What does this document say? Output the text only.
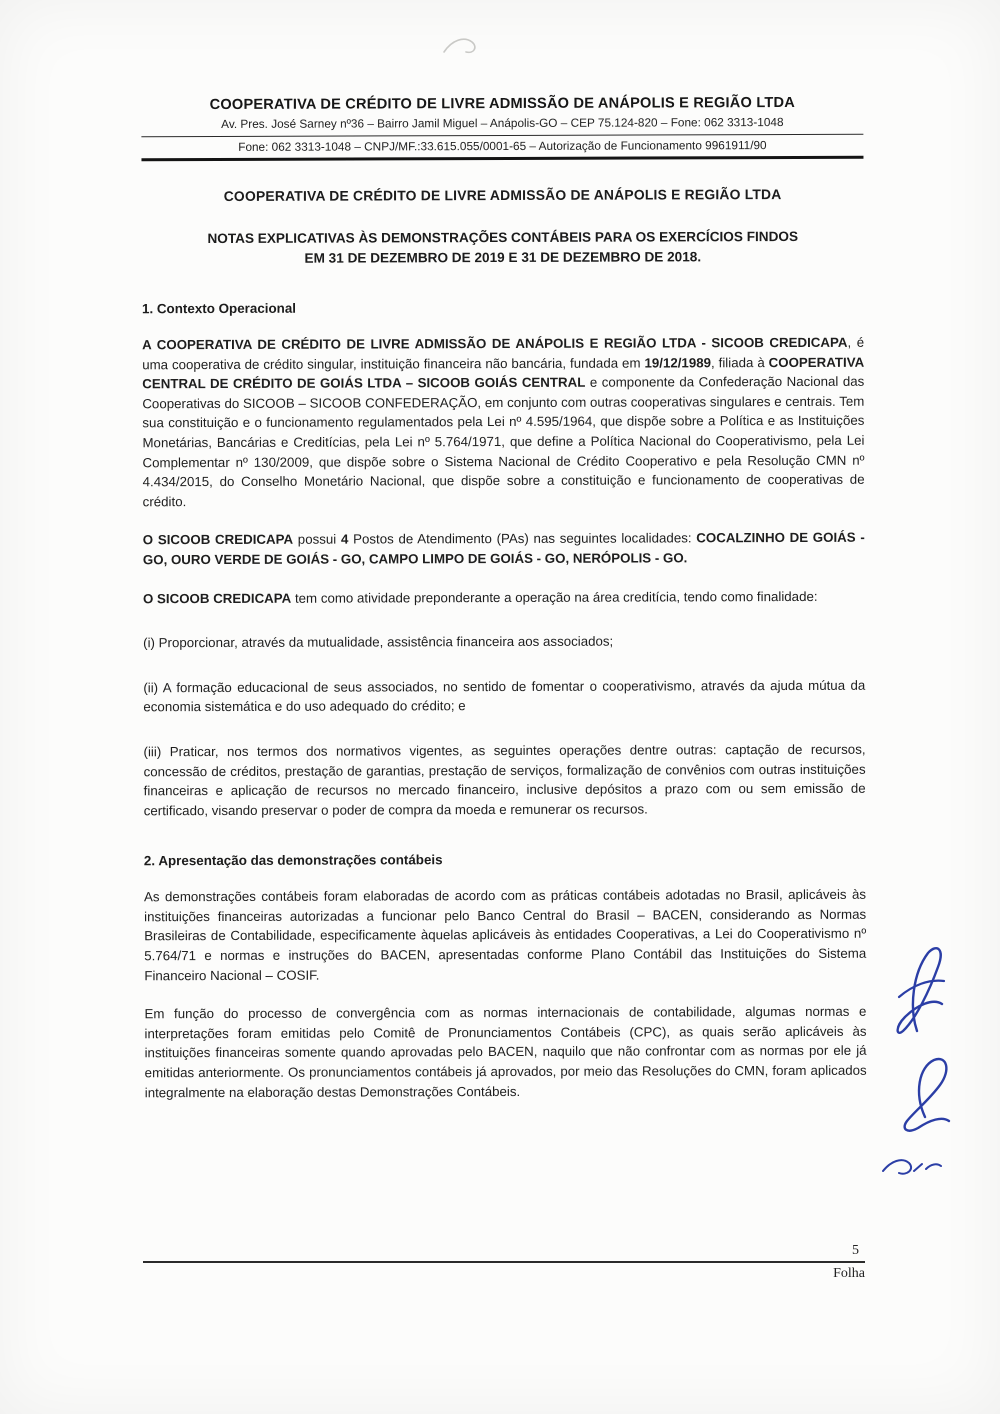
COOPERATIVA DE CRÉDITO DE LIVRE ADMISSÃO DE ANÁPOLIS E REGIÃO LTDA
Av. Pres. José Sarney nº36 – Bairro Jamil Miguel – Anápolis-GO – CEP 75.124-820 – Fone: 062 3313-1048
Fone: 062 3313-1048 – CNPJ/MF.:33.615.055/0001-65 – Autorização de Funcionamento 9961911/90
COOPERATIVA DE CRÉDITO DE LIVRE ADMISSÃO DE ANÁPOLIS E REGIÃO LTDA
NOTAS EXPLICATIVAS ÀS DEMONSTRAÇÕES CONTÁBEIS PARA OS EXERCÍCIOS FINDOS
EM 31 DE DEZEMBRO DE 2019 E 31 DE DEZEMBRO DE 2018.
1. Contexto Operacional

A COOPERATIVA DE CRÉDITO DE LIVRE ADMISSÃO DE ANÁPOLIS E REGIÃO LTDA - SICOOB CREDICAPA, é uma cooperativa de crédito singular, instituição financeira não bancária, fundada em 19/12/1989, filiada à COOPERATIVA CENTRAL DE CRÉDITO DE GOIÁS LTDA – SICOOB GOIÁS CENTRAL e componente da Confederação Nacional das Cooperativas do SICOOB – SICOOB CONFEDERAÇÃO, em conjunto com outras cooperativas singulares e centrais. Tem sua constituição e o funcionamento regulamentados pela Lei nº 4.595/1964, que dispõe sobre a Política e as Instituições Monetárias, Bancárias e Creditícias, pela Lei nº 5.764/1971, que define a Política Nacional do Cooperativismo, pela Lei Complementar nº 130/2009, que dispõe sobre o Sistema Nacional de Crédito Cooperativo e pela Resolução CMN nº 4.434/2015, do Conselho Monetário Nacional, que dispõe sobre a constituição e funcionamento de cooperativas de crédito.

O SICOOB CREDICAPA possui 4 Postos de Atendimento (PAs) nas seguintes localidades: COCALZINHO DE GOIÁS - GO, OURO VERDE DE GOIÁS - GO, CAMPO LIMPO DE GOIÁS - GO, NERÓPOLIS - GO.

O SICOOB CREDICAPA tem como atividade preponderante a operação na área creditícia, tendo como finalidade:

(i) Proporcionar, através da mutualidade, assistência financeira aos associados;

(ii) A formação educacional de seus associados, no sentido de fomentar o cooperativismo, através da ajuda mútua da economia sistemática e do uso adequado do crédito; e

(iii) Praticar, nos termos dos normativos vigentes, as seguintes operações dentre outras: captação de recursos, concessão de créditos, prestação de garantias, prestação de serviços, formalização de convênios com outras instituições financeiras e aplicação de recursos no mercado financeiro, inclusive depósitos a prazo com ou sem emissão de certificado, visando preservar o poder de compra da moeda e remunerar os recursos.

2. Apresentação das demonstrações contábeis

As demonstrações contábeis foram elaboradas de acordo com as práticas contábeis adotadas no Brasil, aplicáveis às instituições financeiras autorizadas a funcionar pelo Banco Central do Brasil – BACEN, considerando as Normas Brasileiras de Contabilidade, especificamente àquelas aplicáveis às entidades Cooperativas, a Lei do Cooperativismo nº 5.764/71 e normas e instruções do BACEN, apresentadas conforme Plano Contábil das Instituições do Sistema Financeiro Nacional – COSIF.

Em função do processo de convergência com as normas internacionais de contabilidade, algumas normas e interpretações foram emitidas pelo Comitê de Pronunciamentos Contábeis (CPC), as quais serão aplicáveis às instituições financeiras somente quando aprovadas pelo BACEN, naquilo que não confrontar com as normas por ele já emitidas anteriormente. Os pronunciamentos contábeis já aprovados, por meio das Resoluções do CMN, foram aplicados integralmente na elaboração destas Demonstrações Contábeis.

5
Folha
